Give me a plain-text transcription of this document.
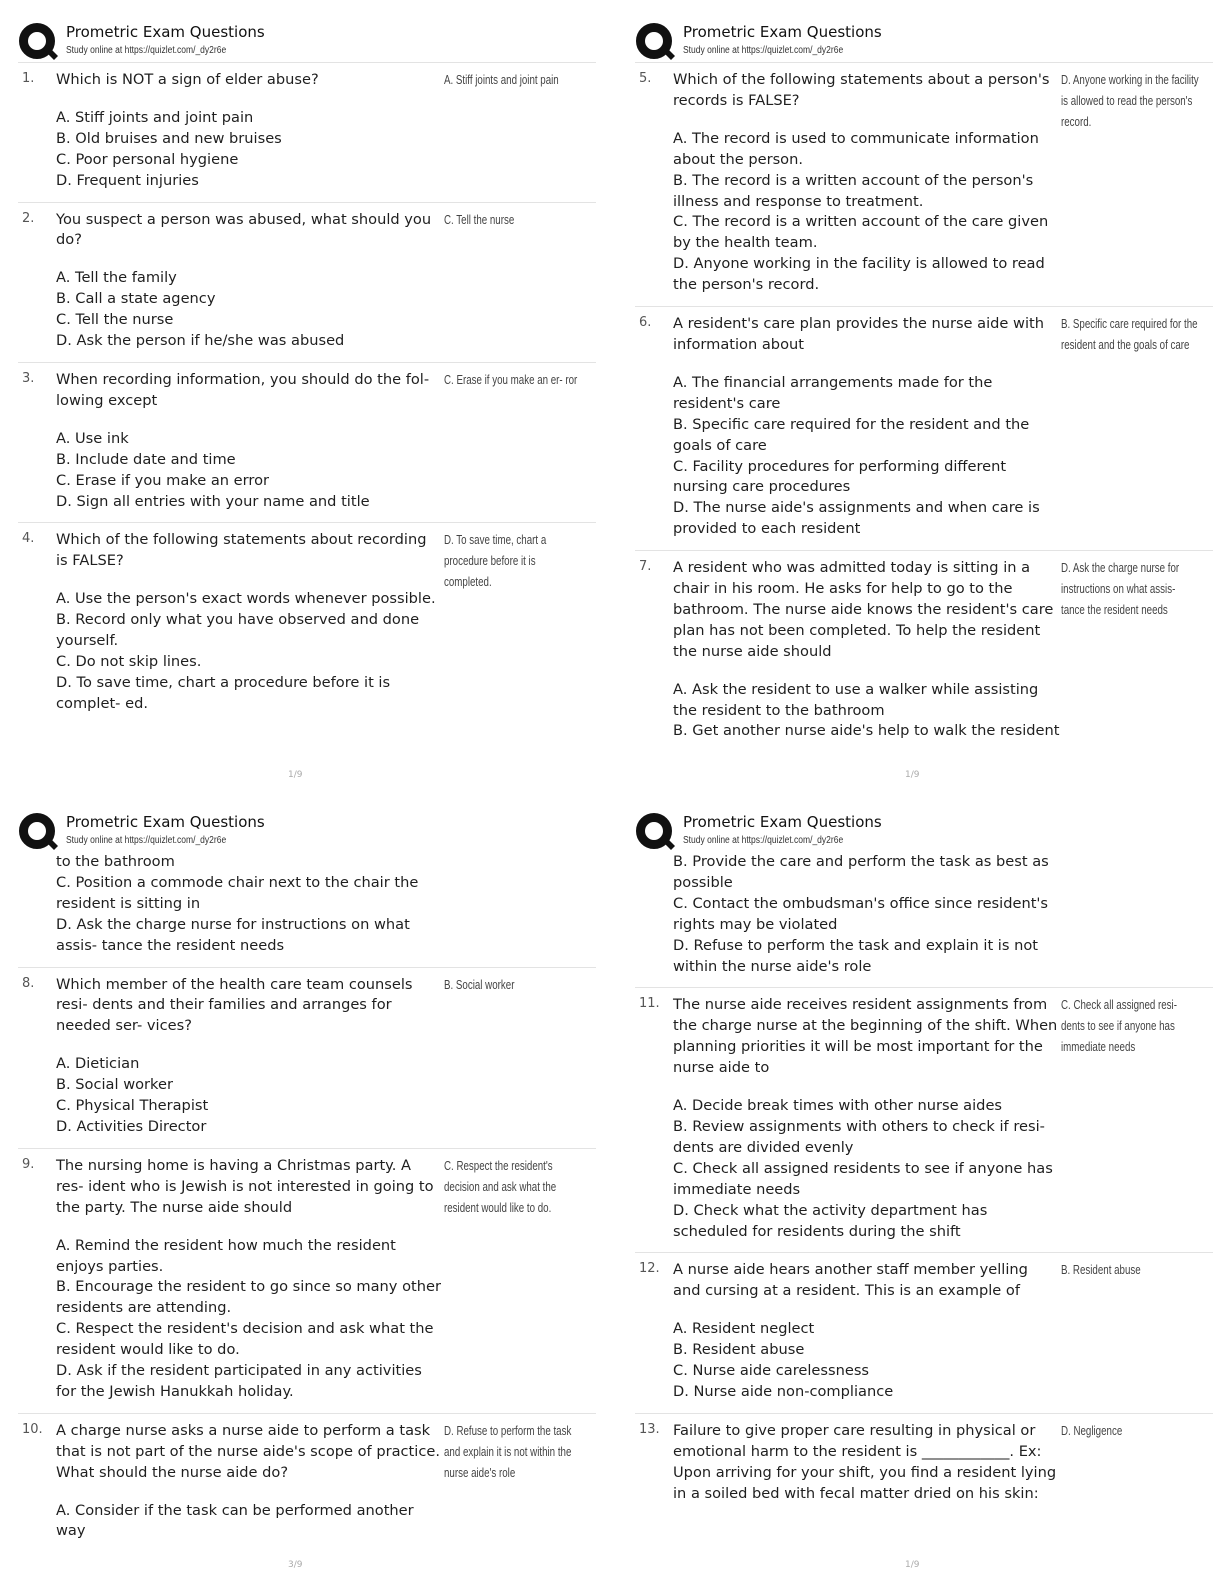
Prometric Exam Questions
Study online at https://quizlet.com/_dy2r6e
1.	Which is NOT a sign of elder abuse?	A. Stiff joints and joint pain
A. Stiff joints and joint pain
B. Old bruises and new bruises
C. Poor personal hygiene
D. Frequent injuries
2.	You suspect a person was abused, what should you do?
C. Tell the nurse
A. Tell the family
B. Call a state agency
C. Tell the nurse
D. Ask the person if he/she was abused
3.	When recording information, you should do the fol- lowing except
C. Erase if you make an er- ror
A. Use ink
B. Include date and time
C. Erase if you make an error
D. Sign all entries with your name and title
4.	Which of the following statements about recording is FALSE?
D. To save time, chart a procedure before it is completed.
A. Use the person's exact words whenever possible.
B. Record only what you have observed and done yourself.
C. Do not skip lines.
D. To save time, chart a procedure before it is complet- ed.
1/9
Prometric Exam Questions
Study online at https://quizlet.com/_dy2r6e
5.	Which of the following statements about a person's records is FALSE?
D. Anyone working in the facility is allowed to read the person's record.
A. The record is used to communicate information about the person.
B. The record is a written account of the person's illness and response to treatment.
C. The record is a written account of the care given by the health team.
D. Anyone working in the facility is allowed to read the person's record.
6.	A resident's care plan provides the nurse aide with information about
B. Specific care required for the resident and the goals of care
A. The financial arrangements made for the resident's care
B. Specific care required for the resident and the goals of care
C. Facility procedures for performing different nursing care procedures
D. The nurse aide's assignments and when care is provided to each resident
7.	A resident who was admitted today is sitting in a chair in his room. He asks for help to go to the bathroom. The nurse aide knows the resident's care plan has not been completed. To help the resident the nurse aide should
D. Ask the charge nurse for instructions on what assis- tance the resident needs
A. Ask the resident to use a walker while assisting the resident to the bathroom
B. Get another nurse aide's help to walk the resident
1/9
Prometric Exam Questions
Study online at https://quizlet.com/_dy2r6e
to the bathroom
C. Position a commode chair next to the chair the resident is sitting in
D. Ask the charge nurse for instructions on what assis- tance the resident needs
8.	Which member of the health care team counsels resi- dents and their families and arranges for needed ser- vices?
B. Social worker
A. Dietician
B. Social worker
C. Physical Therapist
D. Activities Director
9.	The nursing home is having a Christmas party. A res- ident who is Jewish is not interested in going to the party. The nurse aide should
C. Respect the resident's decision and ask what the resident would like to do.
A. Remind the resident how much the resident enjoys parties.
B. Encourage the resident to go since so many other residents are attending.
C. Respect the resident's decision and ask what the resident would like to do.
D. Ask if the resident participated in any activities for the Jewish Hanukkah holiday.
10. A charge nurse asks a nurse aide to perform a task that is not part of the nurse aide's scope of practice. What should the nurse aide do?
D. Refuse to perform the task and explain it is not within the nurse aide's role
A. Consider if the task can be performed another way
3/9
Prometric Exam Questions
Study online at https://quizlet.com/_dy2r6e
B. Provide the care and perform the task as best as possible
C. Contact the ombudsman's office since resident's rights may be violated
D. Refuse to perform the task and explain it is not within the nurse aide's role
11. The nurse aide receives resident assignments from the charge nurse at the beginning of the shift. When planning priorities it will be most important for the nurse aide to
C. Check all assigned resi- dents to see if anyone has immediate needs
A. Decide break times with other nurse aides
B. Review assignments with others to check if resi- dents are divided evenly
C. Check all assigned residents to see if anyone has immediate needs
D. Check what the activity department has scheduled for residents during the shift
12. A nurse aide hears another staff member yelling and cursing at a resident. This is an example of
B. Resident abuse
A. Resident neglect
B. Resident abuse
C. Nurse aide carelessness
D. Nurse aide non-compliance
13. Failure to give proper care resulting in physical or emotional harm to the resident is ____________. Ex: Upon arriving for your shift, you find a resident lying in a soiled bed with fecal matter dried on his skin:
D. Negligence
1/9
